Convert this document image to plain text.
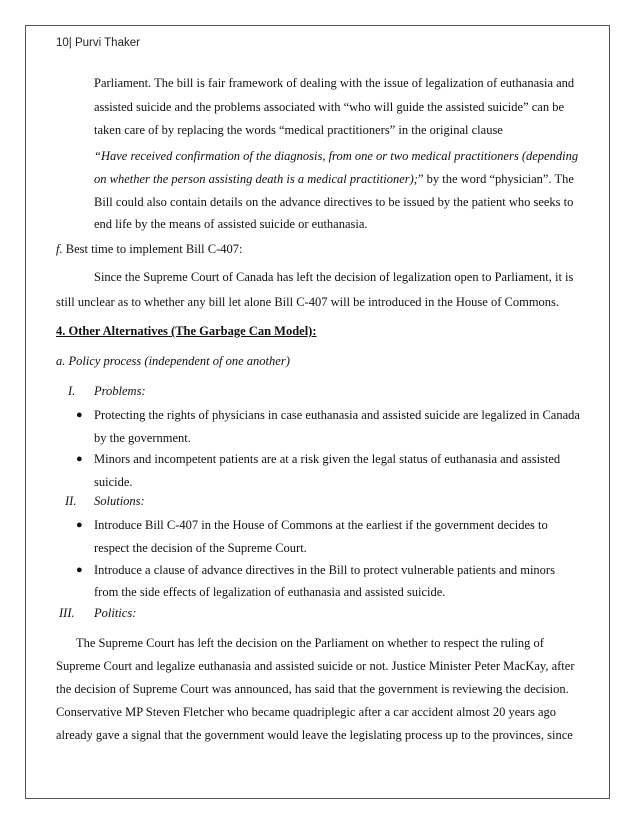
10| Purvi Thaker
Parliament. The bill is fair framework of dealing with the issue of legalization of euthanasia and
assisted suicide and the problems associated with “who will guide the assisted suicide” can be
taken care of by replacing the words “medical practitioners” in the original clause
“Have received confirmation of the diagnosis, from one or two medical practitioners (depending
on whether the person assisting death is a medical practitioner);” by the word “physician”. The
Bill could also contain details on the advance directives to be issued by the patient who seeks to
end life by the means of assisted suicide or euthanasia.
f. Best time to implement Bill C-407:
Since the Supreme Court of Canada has left the decision of legalization open to Parliament, it is
still unclear as to whether any bill let alone Bill C-407 will be introduced in the House of Commons.
4. Other Alternatives (The Garbage Can Model):
a. Policy process (independent of one another)
I. Problems:
● Protecting the rights of physicians in case euthanasia and assisted suicide are legalized in Canada
by the government.
● Minors and incompetent patients are at a risk given the legal status of euthanasia and assisted
suicide.
II. Solutions:
● Introduce Bill C-407 in the House of Commons at the earliest if the government decides to
respect the decision of the Supreme Court.
● Introduce a clause of advance directives in the Bill to protect vulnerable patients and minors
from the side effects of legalization of euthanasia and assisted suicide.
III. Politics:
The Supreme Court has left the decision on the Parliament on whether to respect the ruling of
Supreme Court and legalize euthanasia and assisted suicide or not. Justice Minister Peter MacKay, after
the decision of Supreme Court was announced, has said that the government is reviewing the decision.
Conservative MP Steven Fletcher who became quadriplegic after a car accident almost 20 years ago
already gave a signal that the government would leave the legislating process up to the provinces, since
